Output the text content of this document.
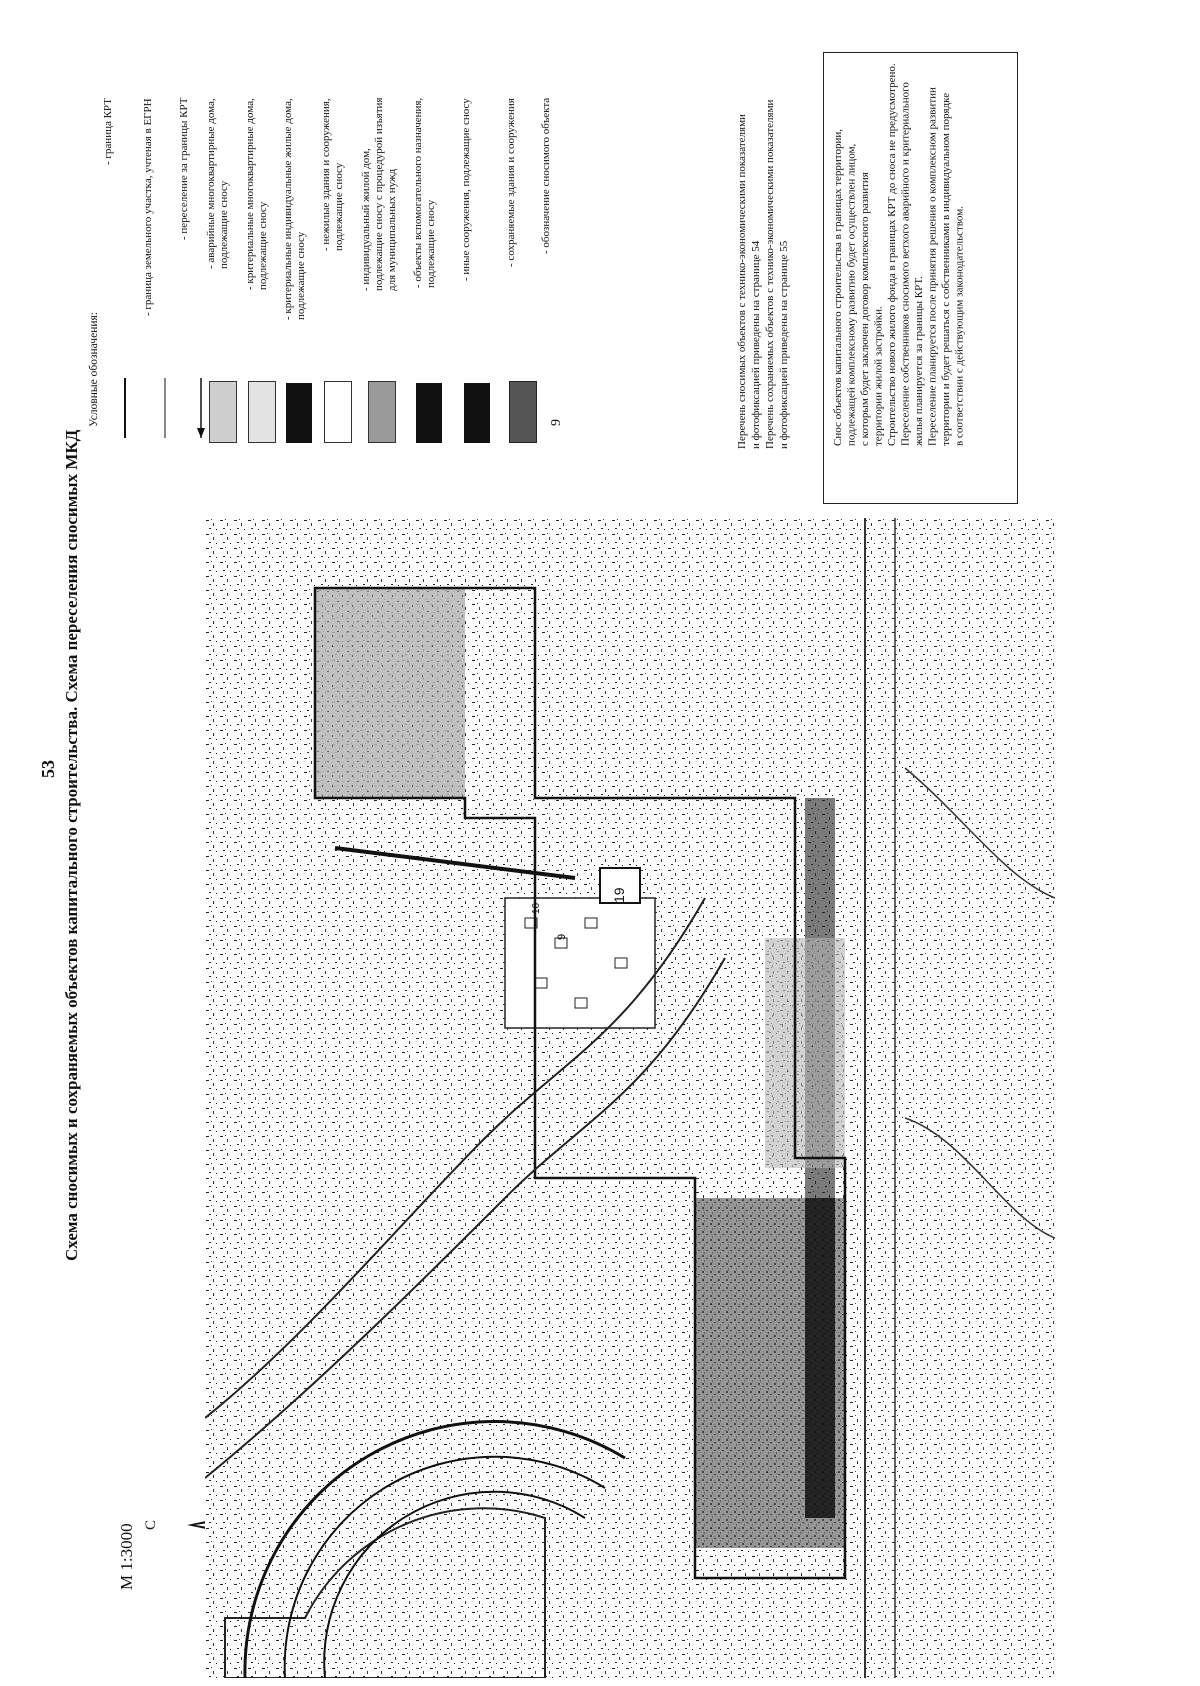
53 Схема сносимых и сохраняемых объектов капитального строительства. Схема переселения сносимых МКД
М 1:3000 С
19
9
16
Условные обозначения:
- граница КРТ	- граница земельного участка, учтеная в ЕГРН	- переселение за границы КРТ
- аварийные многоквартирные дома,
подлежащие сносу
- критериальные многоквартирные дома,
подлежащие сносу
- критериальные индивидуальные жилые дома,
подлежащие сносу	- нежилые здания и сооружения,
подлежащие сносу
- индивидуальный жилой дом,
подлежащие сносу с процедурой изъятия
для муниципальных нужд
- объекты вспомогательного назначения,
подлежащие сносу	- иные сооружения, подлежащие сносу	- сохраняемые здания и сооружения	- обозначение сносимого объекта
9	Перечень сносимых объектов с технико-экономическими показателями
и фотофиксацией приведены на странице 54
Перечень сохраняемых объектов с технико-экономическими показателями
и фотофиксацией приведены на странице 55
Снос объектов капитального строительства в границах территории,
подлежащей комплексному развитию будет осуществлен лицом,
с которым будет заключен договор комплексного развития
территории жилой застройки.
Строительство нового жилого фонда в границах КРТ до сноса не предусмотрено.
Переселение собственников сносимого ветхого аварийного и критериального
жилья планируется за границы КРТ.
Переселение планируется после принятия решения о комплексном развитии
территории и будет решаться с собственниками в индивидуальном порядке
в соответствии с действующим законодательством.
